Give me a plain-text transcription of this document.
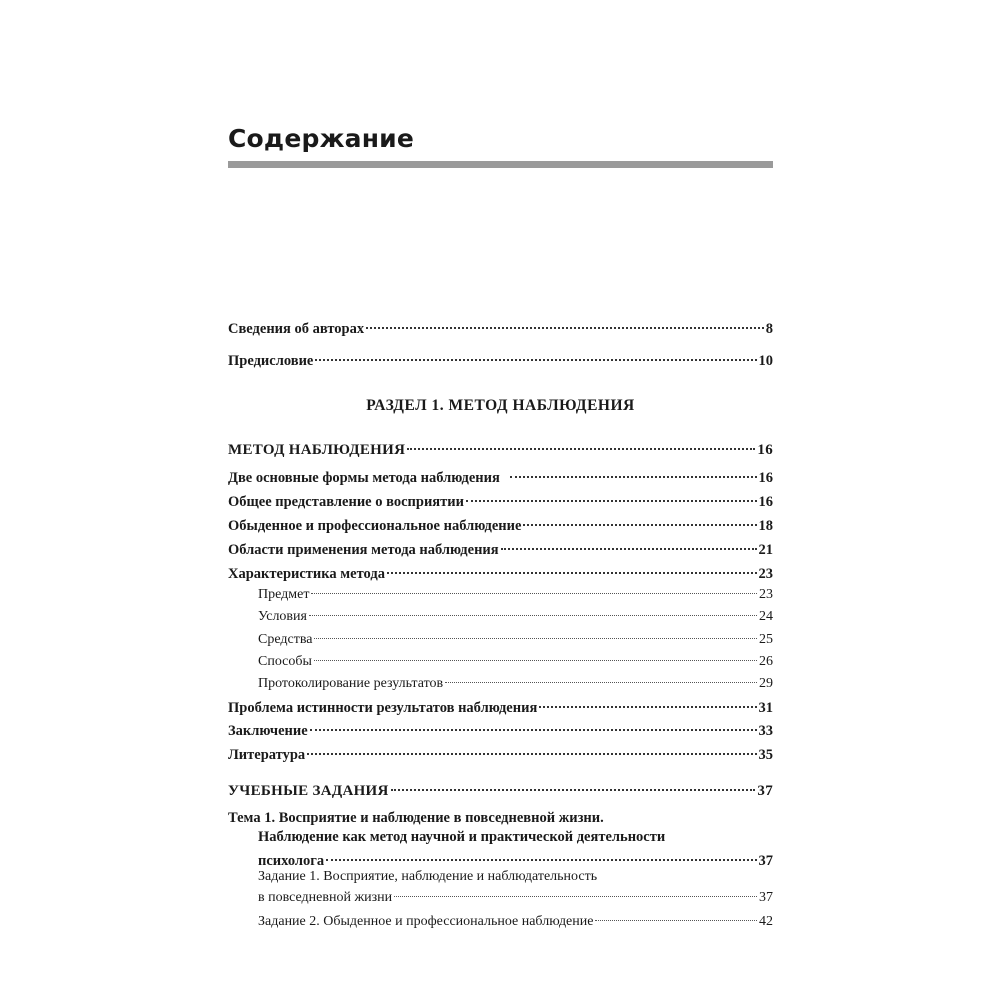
Содержание
Сведения об авторах	8
Предисловие	10
РАЗДЕЛ 1. МЕТОД НАБЛЮДЕНИЯ
МЕТОД НАБЛЮДЕНИЯ	16
Две основные формы метода наблюдения	16
Общее представление о восприятии	16
Обыденное и профессиональное наблюдение	18
Области применения метода наблюдения	21
Характеристика метода	23
Предмет	23
Условия	24
Средства	25
Способы	26
Протоколирование результатов	29
Проблема истинности результатов наблюдения	31
Заключение	33
Литература	35
УЧЕБНЫЕ ЗАДАНИЯ	37
Тема 1. Восприятие и наблюдение в повседневной жизни.
Наблюдение как метод научной и практической деятельности
психолога	37
Задание 1. Восприятие, наблюдение и наблюдательность
в повседневной жизни	37
Задание 2. Обыденное и профессиональное наблюдение	42
